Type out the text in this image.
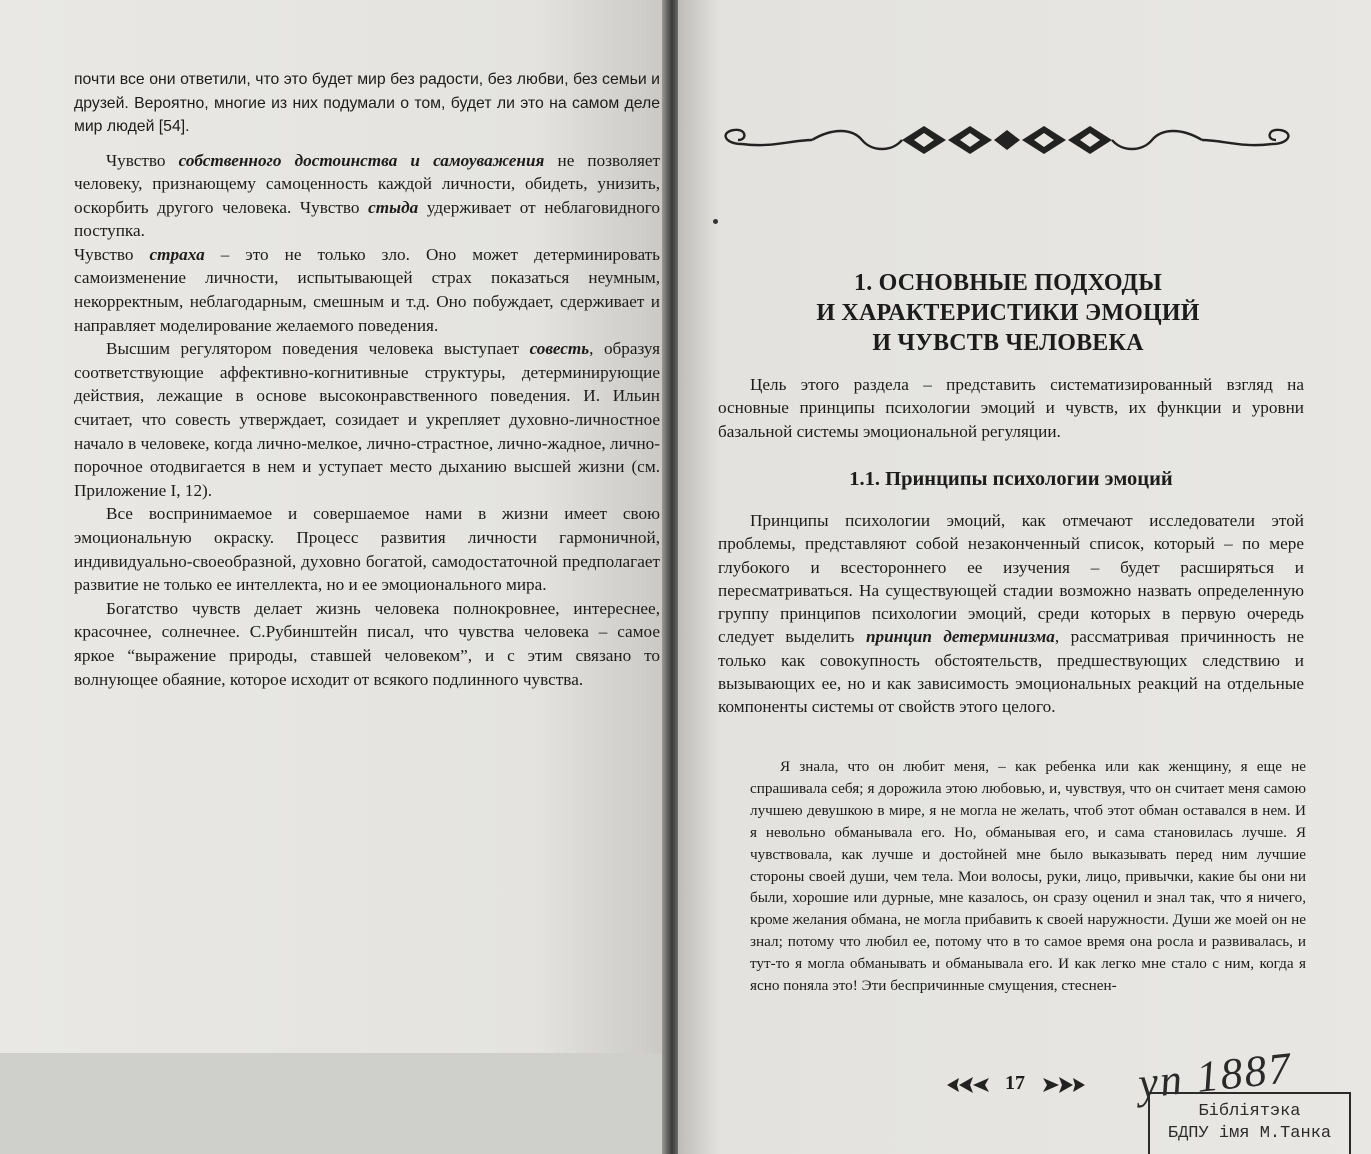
почти все они ответили, что это будет мир без радости, без любви, без семьи и друзей. Вероятно, многие из них подумали о том, будет ли это на самом деле мир людей [54].

Чувство собственного достоинства и самоуважения не позволяет человеку, признающему самоценность каждой личности, обидеть, унизить, оскорбить другого человека. Чувство стыда удерживает от неблаговидного поступка.

Чувство страха – это не только зло. Оно может детерминировать самоизменение личности, испытывающей страх показаться неумным, некорректным, неблагодарным, смешным и т.д. Оно побуждает, сдерживает и направляет моделирование желаемого поведения.

Высшим регулятором поведения человека выступает совесть, образуя соответствующие аффективно-когнитивные структуры, детерминирующие действия, лежащие в основе высоконравственного поведения. И. Ильин считает, что совесть утверждает, созидает и укрепляет духовно-личностное начало в человеке, когда лично-мелкое, лично-страстное, лично-жадное, лично-порочное отодвигается в нем и уступает место дыханию высшей жизни (см. Приложение I, 12).

Все воспринимаемое и совершаемое нами в жизни имеет свою эмоциональную окраску. Процесс развития личности гармоничной, индивидуально-своеобразной, духовно богатой, самодостаточной предполагает развитие не только ее интеллекта, но и ее эмоционального мира.

Богатство чувств делает жизнь человека полнокровнее, интереснее, красочнее, солнечнее. С.Рубинштейн писал, что чувства человека – самое яркое “выражение природы, ставшей человеком”, и с этим связано то волнующее обаяние, которое исходит от всякого подлинного чувства.

1. ОСНОВНЫЕ ПОДХОДЫ
И ХАРАКТЕРИСТИКИ ЭМОЦИЙ
И ЧУВСТВ ЧЕЛОВЕКА

Цель этого раздела – представить систематизированный взгляд на основные принципы психологии эмоций и чувств, их функции и уровни базальной системы эмоциональной регуляции.

1.1. Принципы психологии эмоций

Принципы психологии эмоций, как отмечают исследователи этой проблемы, представляют собой незаконченный список, который – по мере глубокого и всестороннего ее изучения – будет расширяться и пересматриваться. На существующей стадии возможно назвать определенную группу принципов психологии эмоций, среди которых в первую очередь следует выделить принцип детерминизма, рассматривая причинность не только как совокупность обстоятельств, предшествующих следствию и вызывающих ее, но и как зависимость эмоциональных реакций на отдельные компоненты системы от свойств этого целого.

Я знала, что он любит меня, – как ребенка или как женщину, я еще не спрашивала себя; я дорожила этою любовью, и, чувствуя, что он считает меня самою лучшею девушкою в мире, я не могла не желать, чтоб этот обман оставался в нем. И я невольно обманывала его. Но, обманывая его, и сама становилась лучше. Я чувствовала, как лучше и достойней мне было выказывать перед ним лучшие стороны своей души, чем тела. Мои волосы, руки, лицо, привычки, какие бы они ни были, хорошие или дурные, мне казалось, он сразу оценил и знал так, что я ничего, кроме желания обмана, не могла прибавить к своей наружности. Души же моей он не знал; потому что любил ее, потому что в то самое время она росла и развивалась, и тут-то я могла обманывать и обманывала его. И как легко мне стало с ним, когда я ясно поняла это! Эти беспричинные смущения, стеснен-

17	уп 1887
Бібліятэка
БДПУ імя М.Танка
